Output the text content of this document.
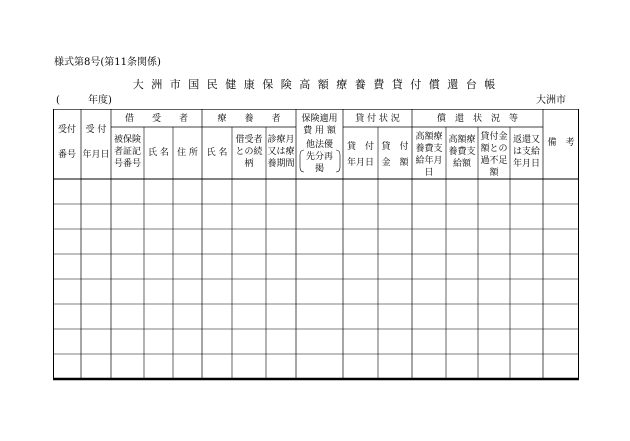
様式第8号(第11条関係)
大 洲 市 国 民 健 康 保 険 高 額 療 養 費 貸 付 償 還 台 帳
(	年度)	大洲市
受付
番号
受 付
年月日
借　　受　　者
被保険
者証記
号番号
氏 名 住 所
療　　養　　者
氏 名
借受者
との続
柄
診療月
又は療
養期間
保険適用
費 用 額
他法優
先分再
掲
貸 付 状 況
貸　付
年月日
貸　付
金　額
償　還　状　況　等
高額療
養費支
給年月
日
高額療
養費支
給額
貸付金
額との
過不足
額
返還又
は支給
年月日
備　考
